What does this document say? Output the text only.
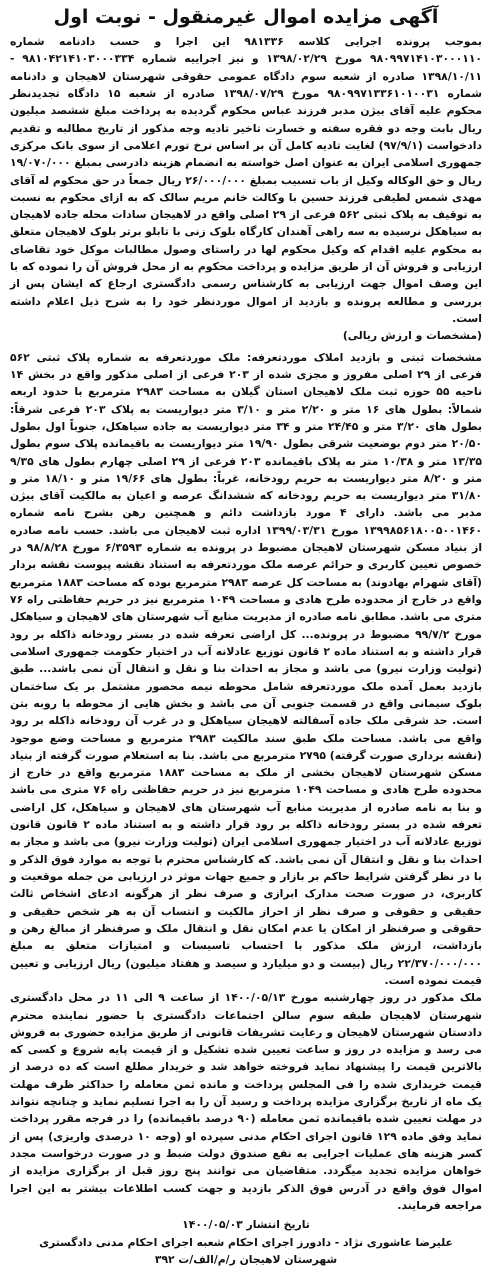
آگهی مزایده اموال غیرمنقول - نوبت اول

بموجب پرونده اجرایی کلاسه ۹۸۱۳۳۶ این اجرا و حسب دادنامه شماره ۹۸۰۹۹۷۱۴۱۰۳۰۰۰۱۱۰ مورخ ۱۳۹۸/۰۲/۲۹ و نیز اجراییه شماره ۹۸۱۰۴۲۱۴۱۰۳۰۰۰۳۳۴ - ۱۳۹۸/۱۰/۱۱ صادره از شعبه سوم دادگاه عمومی حقوقی شهرستان لاهیجان و دادنامه شماره ۹۸۰۹۹۷۱۳۳۶۱۰۱۰۰۳۱ مورخ ۱۳۹۸/۰۷/۲۹ صادره از شعبه ۱۵ دادگاه تجدیدنظر محکوم علیه آقای بیژن مدبر فرزند عباس محکوم گردیده به پرداخت مبلغ ششصد میلیون ریال بابت وجه دو فقره سفته و خسارت تاخیر تادیه وجه مذکور از تاریخ مطالبه و تقدیم دادخواست (۹۷/۹/۱) لغایت تادیه کامل آن بر اساس نرخ تورم اعلامی از سوی بانک مرکزی جمهوری اسلامی ایران به عنوان اصل خواسته به انضمام هزینه دادرسی بمبلغ ۱۹/۰۷۰/۰۰۰ ریال و حق الوکاله وکیل از باب تسبیب بمبلغ ۲۶/۰۰۰/۰۰۰ ریال جمعاً در حق محکوم له آقای مهدی شمس لطیفی فرزند حسین با وکالت خانم مریم سالک که به ازای محکوم به نسبت به توقیف به پلاک ثبتی ۵۶۲ فرعی از ۲۹ اصلی واقع در لاهیجان سادات محله جاده لاهیجان به سیاهکل نرسیده به سه راهی آهندان کارگاه بلوک زنی با تابلو برتر بلوک لاهیجان متعلق به محکوم علیه اقدام که وکیل محکوم لها در راستای وصول مطالبات موکل خود تقاضای ارزیابی و فروش آن از طریق مزایده و پرداخت محکوم به از محل فروش آن را نموده که با این وصف اموال جهت ارزیابی به کارشناس رسمی دادگستری ارجاع که ایشان پس از بررسی و مطالعه پرونده و بازدید از اموال موردنظر خود را به شرح ذیل اعلام داشته است.

(مشخصات و ارزش ریالی)

مشخصات ثبتی و بازدید املاک موردتعرفه: ملک موردتعرفه به شماره پلاک ثبتی ۵۶۲ فرعی از ۲۹ اصلی مفروز و مجزی شده از ۲۰۳ فرعی از اصلی مذکور واقع در بخش ۱۴ ناحیه ۵۵ حوزه ثبت ملک لاهیجان استان گیلان به مساحت ۲۹۸۳ مترمربع با حدود اربعه شمالاً: بطول های ۱۶ متر و ۲/۲۰ متر و ۳/۱۰ متر دیواریست به پلاک ۲۰۳ فرعی شرقاً: بطول های ۳/۲۰ متر و ۲۴/۴۵ متر و ۳۴ متر دیواریست به جاده سیاهکل، جنوباً اول بطول ۲۰/۵۰ متر دوم بوضعیت شرقی بطول ۱۹/۹۰ متر دیواریست به باقیمانده پلاک سوم بطول ۱۳/۳۵ متر و ۱۰/۳۸ متر به پلاک باقیمانده ۲۰۳ فرعی از ۲۹ اصلی چهارم بطول های ۹/۳۵ متر و ۸/۲۰ متر دیواریست به حریم رودخانه، غرباً: بطول های ۱۹/۶۶ متر و ۱۸/۱۰ متر و ۳۱/۸۰ متر دیواریست به حریم رودخانه که ششدانگ عرصه و اعیان به مالکیت آقای بیژن مدبر می باشد. دارای ۴ مورد بازداشت دائم و همچنین رهن بشرح نامه شماره ۱۳۹۹۸۵۶۱۸۰۰۵۰۰۱۴۶۰ مورخ ۱۳۹۹/۰۳/۳۱ اداره ثبت لاهیجان می باشد. حسب نامه صادره از بنیاد مسکن شهرستان لاهیجان مضبوط در پرونده به شماره ۶/۳۵۹۳ مورخ ۹۸/۸/۲۸ در خصوص تعیین کاربری و حرائم عرصه ملک موردتعرفه به استناد نقشه پیوست نقشه بردار (آقای شهرام بهادوند) به مساحت کل عرصه ۲۹۸۳ مترمربع بوده که مساحت ۱۸۸۳ مترمربع واقع در خارج از محدوده طرح هادی و مساحت ۱۰۴۹ مترمربع نیز در حریم حفاظتی راه ۷۶ متری می باشد. مطابق نامه صادره از مدیریت منابع آب شهرستان های لاهیجان و سیاهکل مورخ ۹۹/۷/۲ مضبوط در پرونده... کل اراضی تعرفه شده در بستر رودخانه ذاکله بر رود قرار داشته و به استناد ماده ۲ قانون توزیع عادلانه آب در اختیار حکومت جمهوری اسلامی (تولیت وزارت نیرو) می باشد و مجاز به احداث بنا و نقل و انتقال آن نمی باشد... طبق بازدید بعمل آمده ملک موردتعرفه شامل محوطه نیمه محصور مشتمل بر یک ساختمان بلوک سیمانی واقع در قسمت جنوبی آن می باشد و بخش هایی از محوطه با روبه بتن است. حد شرقی ملک جاده آسفالته لاهیجان سیاهکل و در غرب آن رودخانه ذاکله بر رود واقع می باشد. مساحت ملک طبق سند مالکیت ۲۹۸۳ مترمربع و مساحت وضع موجود (نقشه برداری صورت گرفته) ۲۷۹۵ مترمربع می باشد. بنا به استعلام صورت گرفته از بنیاد مسکن شهرستان لاهیجان بخشی از ملک به مساحت ۱۸۸۳ مترمربع واقع در خارج از محدوده طرح هادی و مساحت ۱۰۴۹ مترمربع نیز در حریم حفاظتی راه ۷۶ متری می باشد و بنا به نامه صادره از مدیریت منابع آب شهرستان های لاهیجان و سیاهکل، کل اراضی تعرفه شده در بستر رودخانه ذاکله بر رود قرار داشته و به استناد ماده ۲ قانون قانون توزیع عادلانه آب در اختیار جمهوری اسلامی ایران (تولیت وزارت نیرو) می باشد و مجاز به احداث بنا و نقل و انتقال آن نمی باشد. که کارشناس محترم با توجه به موارد فوق الذکر و با در نظر گرفتن شرایط حاکم بر بازار و جمیع جهات موثر در ارزیابی من جمله موقعیت و کاربری، در صورت صحت مدارک ابرازی و صرف نظر از هرگونه ادعای اشخاص ثالث حقیقی و حقوقی و صرف نظر از احراز مالکیت و انتساب آن به هر شخص حقیقی و حقوقی و صرفنظر از امکان یا عدم امکان نقل و انتقال ملک و صرفنظر از مبالغ رهن و بازداشت، ارزش ملک مذکور با احتساب تاسیسات و امتیازات متعلق به مبلغ ۲۲/۳۷۰/۰۰۰/۰۰۰ ریال (بیست و دو میلیارد و سیصد و هفتاد میلیون) ریال ارزیابی و تعیین قیمت نموده است.

ملک مذکور در روز چهارشنبه مورخ ۱۴۰۰/۰۵/۱۳ از ساعت ۹ الی ۱۱ در محل دادگستری شهرستان لاهیجان طبقه سوم سالن اجتماعات دادگستری با حضور نماینده محترم دادستان شهرستان لاهیجان و رعایت تشریفات قانونی از طریق مزایده حضوری به فروش می رسد و مزایده در روز و ساعت تعیین شده تشکیل و از قیمت پایه شروع و کسی که بالاترین قیمت را پیشنهاد نماید فروخته خواهد شد و خریدار مطلع است که ده درصد از قیمت خریداری شده را فی المجلس پرداخت و مانده ثمن معامله را حداکثر ظرف مهلت یک ماه از تاریخ برگزاری مزایده پرداخت و رسید آن را به اجرا تسلیم نماید و چنانچه نتواند در مهلت تعیین شده باقیمانده ثمن معامله (۹۰ درصد باقیمانده) را در فرجه مقرر پرداخت نماید وفق ماده ۱۲۹ قانون اجرای احکام مدنی سپرده او (وجه ۱۰ درصدی واریزی) پس از کسر هزینه های عملیات اجرایی به نفع صندوق دولت ضبط و در صورت درخواست مجدد خواهان مزایده تجدید میگردد. متقاضیان می توانند پنج روز قبل از برگزاری مزایده از اموال فوق واقع در آدرس فوق الذکر بازدید و جهت کسب اطلاعات بیشتر به این اجرا مراجعه فرمایند.

تاریخ انتشار ۱۴۰۰/۰۵/۰۳
علیرضا عاشوری نژاد - دادورز اجرای احکام شعبه اجرای احکام مدنی دادگستری
شهرستان لاهیجان ر/م/الف/ت ۳۹۲
